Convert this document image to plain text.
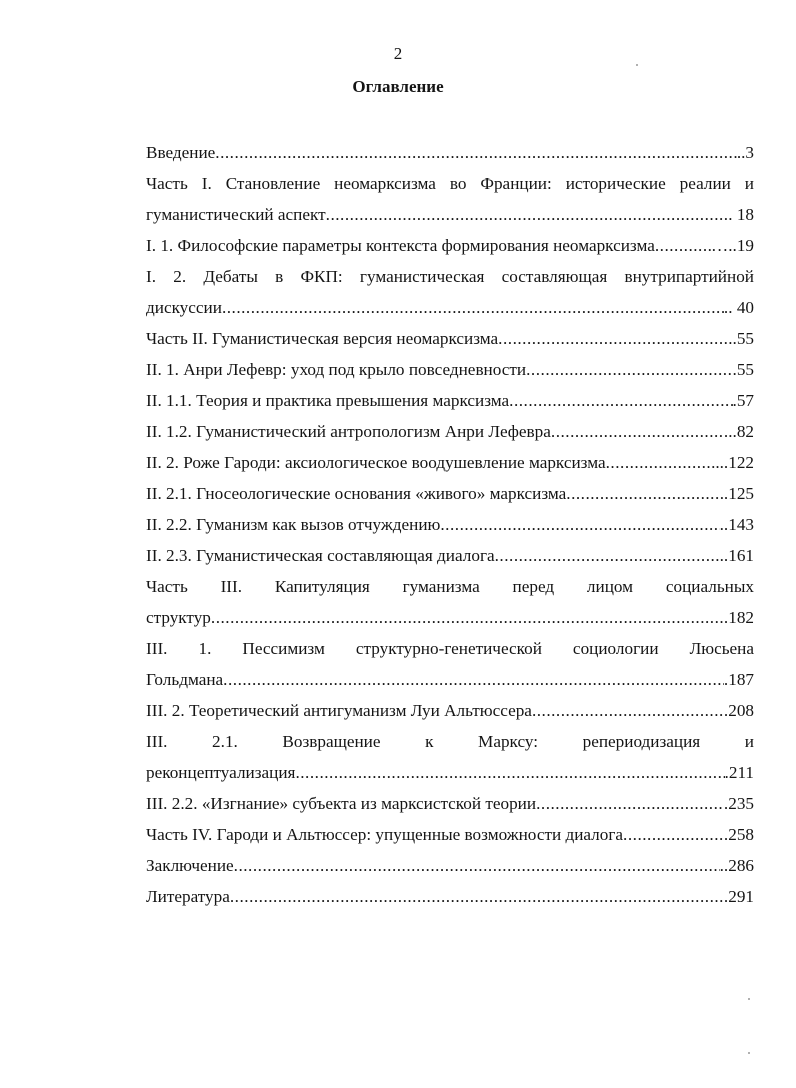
2
Оглавление
Введение .....	..3
Часть I. Становление неомарксизма во Франции: исторические реалии и
гуманистический аспект .....	. 18
I. 1. Философские параметры контекста формирования неомарксизма .....	…..19
I. 2. Дебаты в ФКП: гуманистическая составляющая внутрипартийной
дискуссии .....	.. 40
Часть II. Гуманистическая версия неомарксизма .....	..55
II. 1. Анри Лефевр: уход под крыло повседневности .....	.55
II. 1.1. Теория и практика превышения марксизма .....	.57
II. 1.2. Гуманистический антропологизм Анри Лефевра .....	...82
II. 2. Роже Гароди: аксиологическое воодушевление марксизма .....	...122
II. 2.1. Гносеологические основания «живого» марксизма .....	.125
II. 2.2. Гуманизм как вызов отчуждению .....	..143
II. 2.3. Гуманистическая составляющая диалога .....	..161
Часть III. Капитуляция гуманизма перед лицом социальных
структур .....	.182
III. 1. Пессимизм структурно-генетической социологии Люсьена
Гольдмана .....	.187
III. 2. Теоретический антигуманизм Луи Альтюссера .....	.208
III. 2.1. Возвращение к Марксу: репериодизация и
реконцептуализация .....	.211
III. 2.2. «Изгнание» субъекта из марксистской теории .....	.235
Часть IV. Гароди и Альтюссер: упущенные возможности диалога .....	.258
Заключение .....	..286
Литература .....	.291
